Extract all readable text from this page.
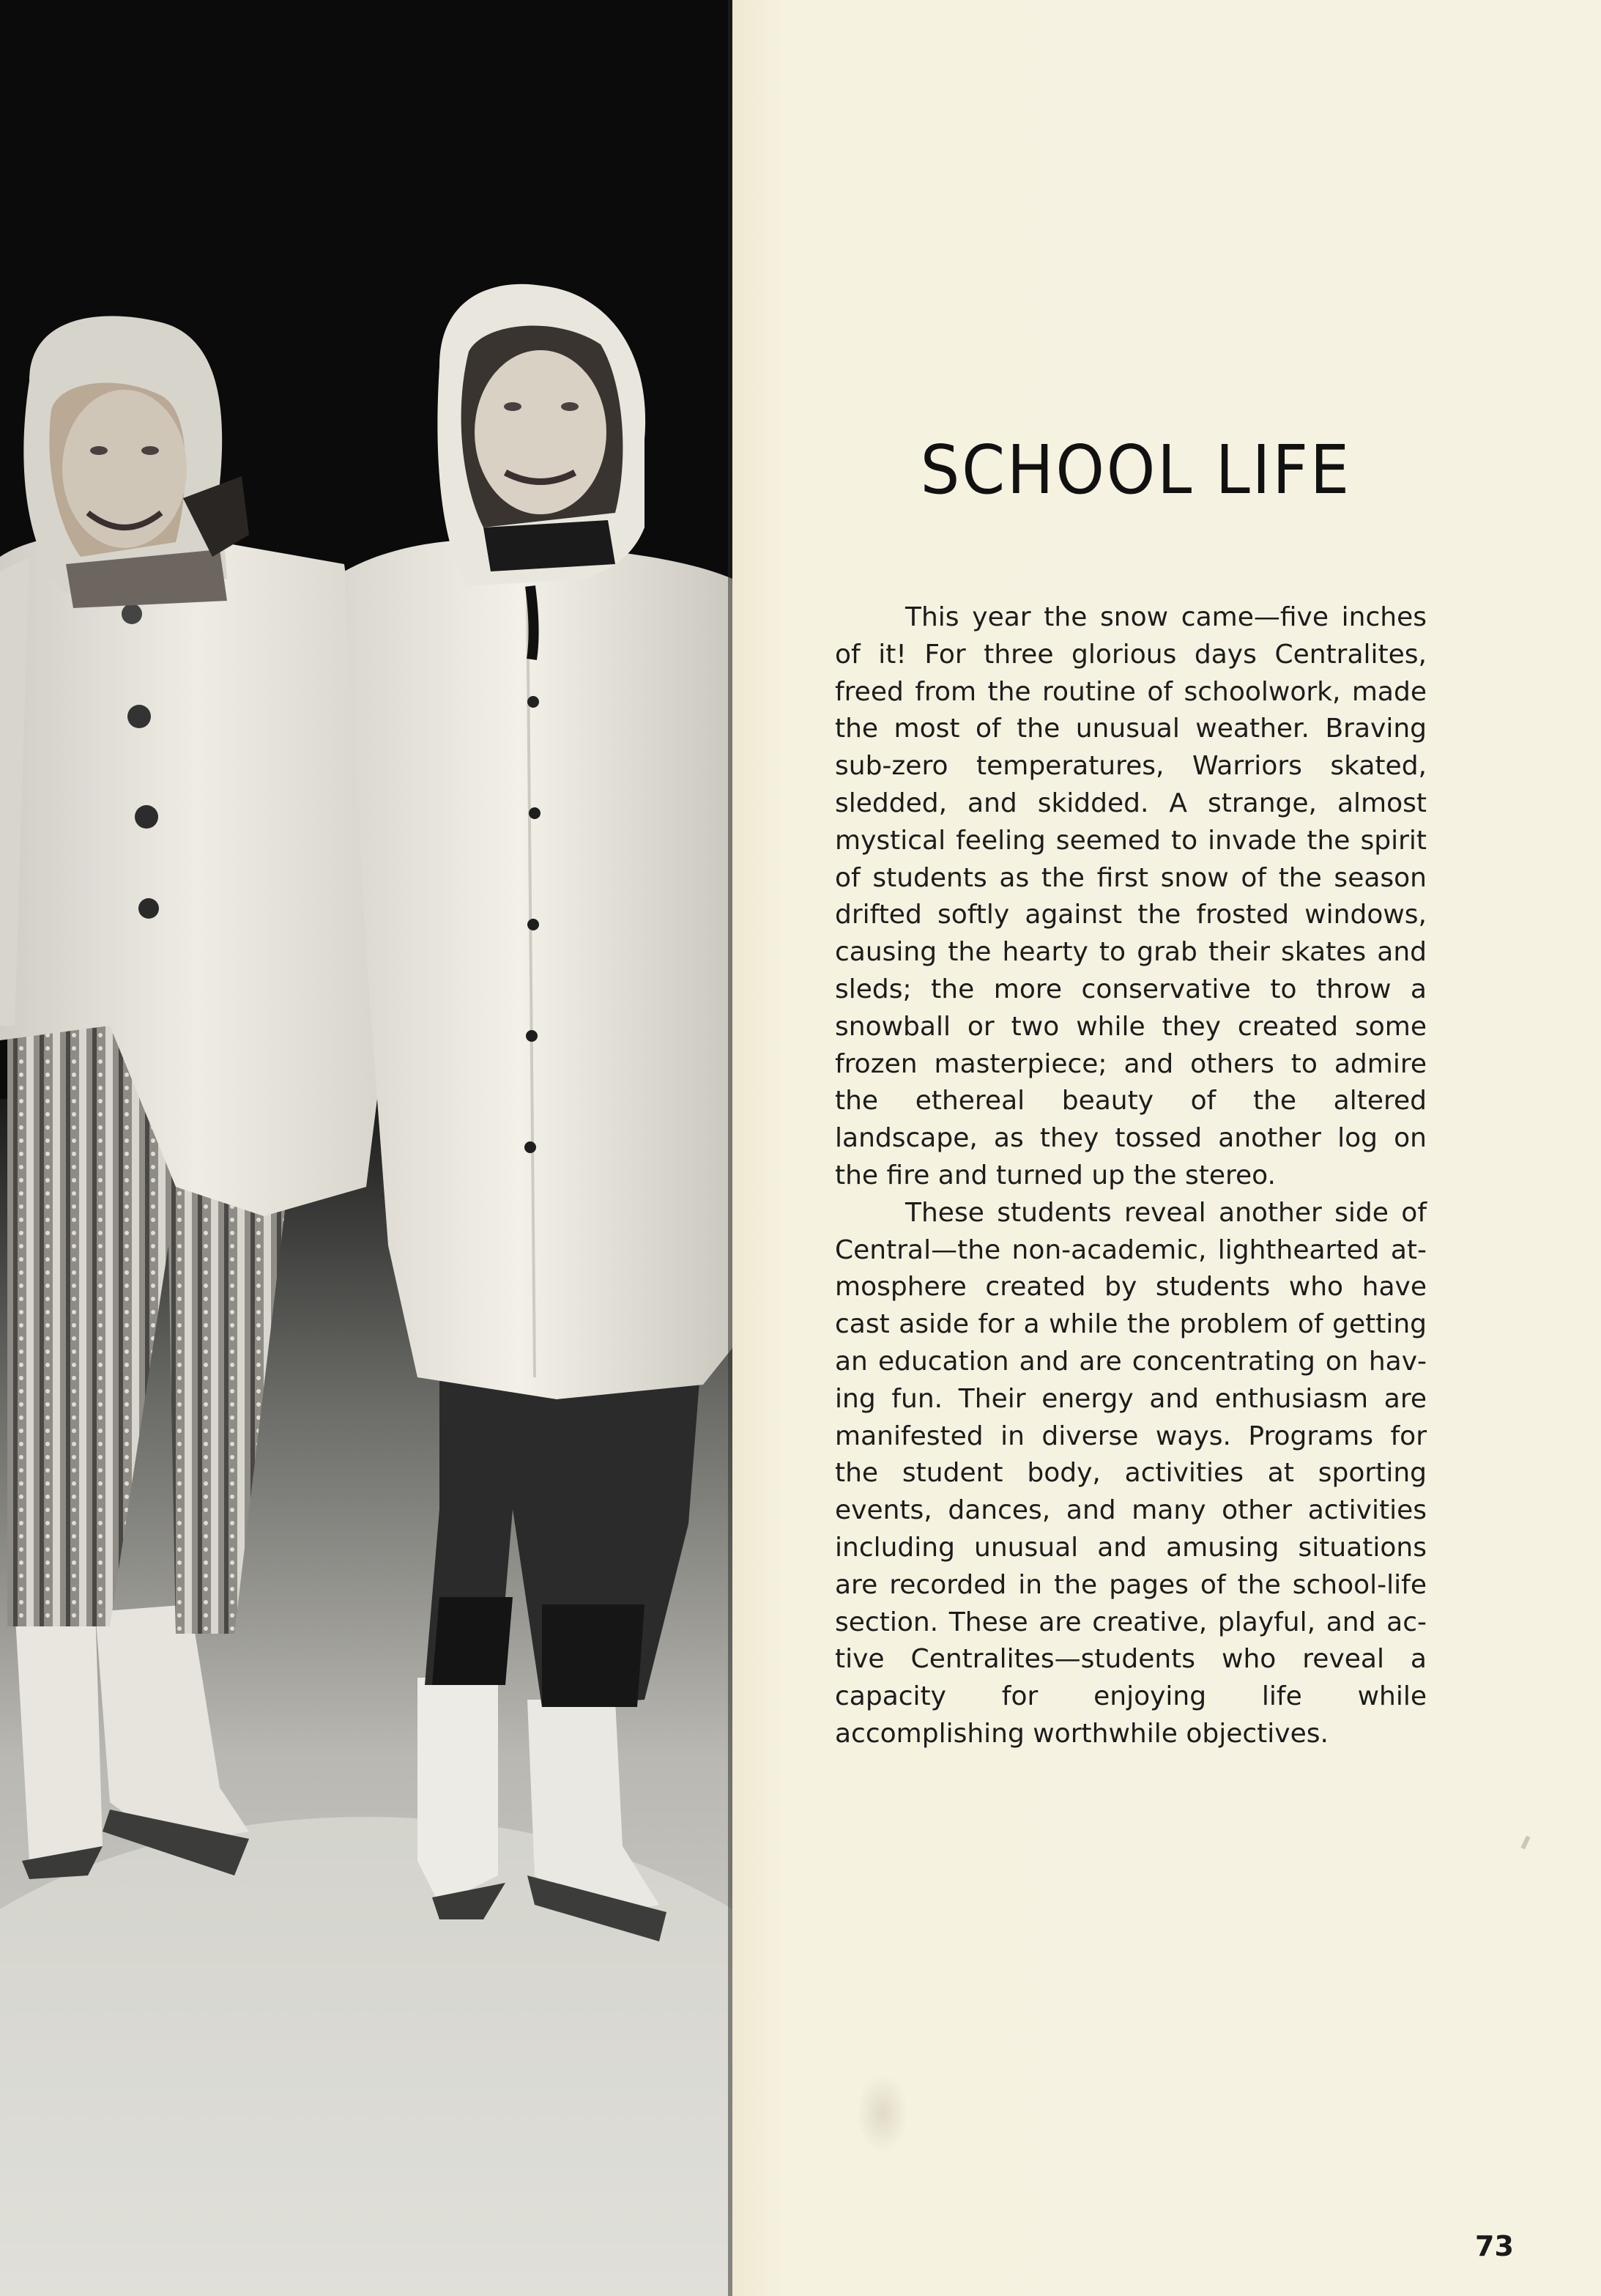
SCHOOL LIFE

This year the snow came—five inches of it! For three glorious days Centralites, freed from the routine of schoolwork, made the most of the unusual weather. Braving sub-zero temperatures, Warriors skated, sledded, and skidded. A strange, almost mystical feeling seemed to invade the spirit of students as the first snow of the season drifted softly against the frosted windows, causing the hearty to grab their skates and sleds; the more conservative to throw a snowball or two while they created some frozen masterpiece; and others to admire the ethereal beauty of the altered landscape, as they tossed another log on the fire and turned up the stereo.

These students reveal another side of Central—the non-academic, lighthearted atmosphere created by students who have cast aside for a while the problem of getting an education and are concentrating on having fun. Their energy and enthusiasm are manifested in diverse ways. Programs for the student body, activities at sporting events, dances, and many other activities including unusual and amusing situations are recorded in the pages of the school-life section. These are creative, playful, and active Centralites—students who reveal a capacity for enjoying life while accomplishing worthwhile objectives.

73
